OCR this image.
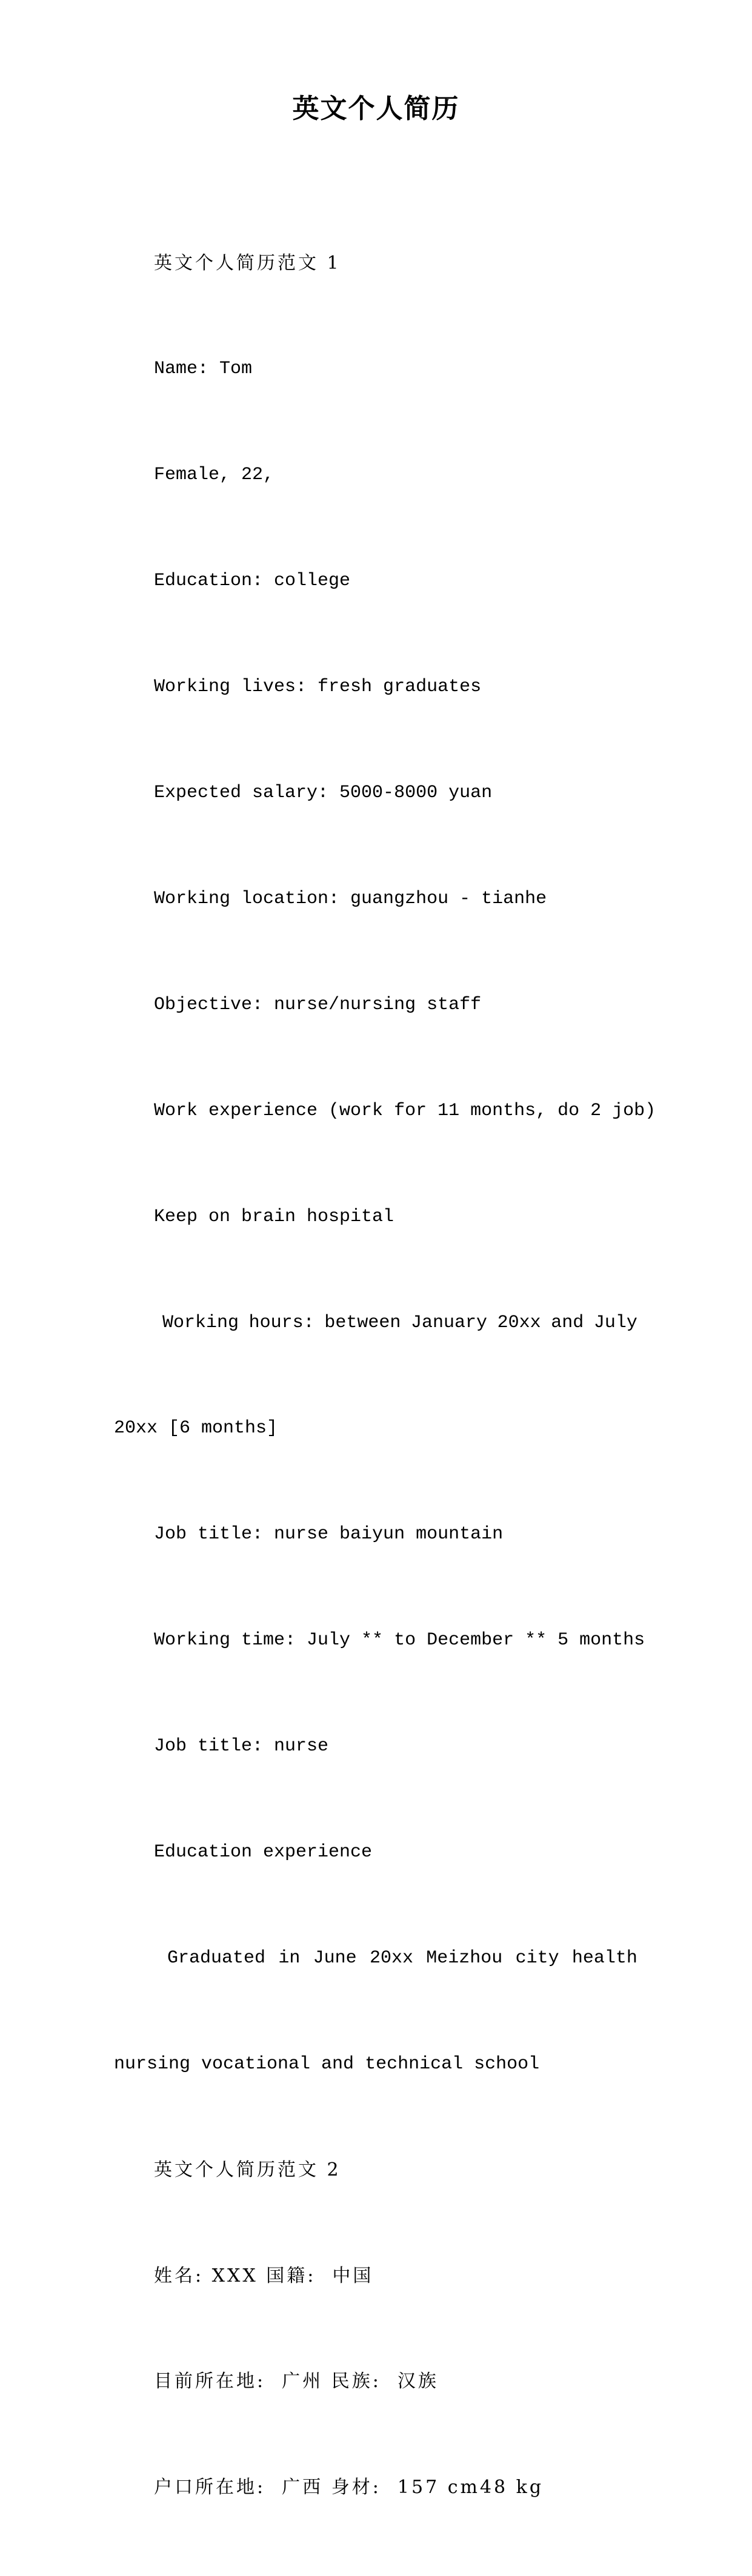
英文个人简历

英文个人简历范文 1

Name: Tom

Female, 22,

Education: college

Working lives: fresh graduates

Expected salary: 5000-8000 yuan

Working location: guangzhou - tianhe

Objective: nurse/nursing staff

Work experience (work for 11 months, do 2 job)

Keep on brain hospital

Working hours: between January 20xx and July

20xx [6 months]

Job title: nurse baiyun mountain

Working time: July ** to December ** 5 months

Job title: nurse

Education experience

Graduated in June 20xx Meizhou city health

nursing vocational and technical school

英文个人简历范文 2

姓名: XXX 国籍:  中国

目前所在地:  广州 民族:  汉族

户口所在地:  广西 身材:  157 cm48 kg
